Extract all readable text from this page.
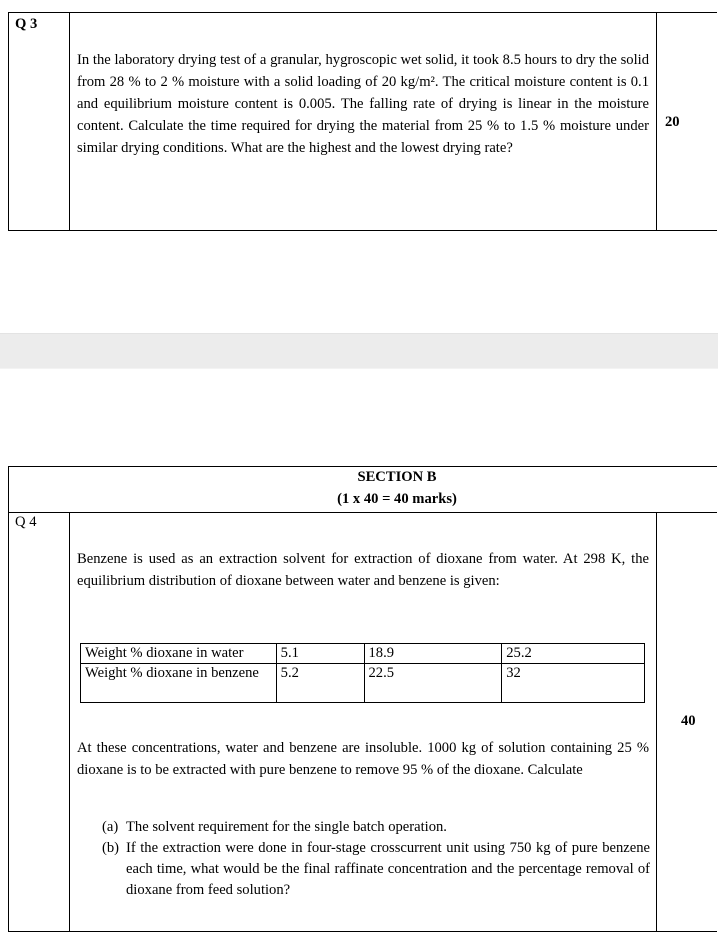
Q 3
In the laboratory drying test of a granular, hygroscopic wet solid, it took 8.5 hours to dry the solid from 28 % to 2 % moisture with a solid loading of 20 kg/m². The critical moisture content is 0.1 and equilibrium moisture content is 0.005. The falling rate of drying is linear in the moisture content. Calculate the time required for drying the material from 25 % to 1.5 % moisture under similar drying conditions. What are the highest and the lowest drying rate?
20
SECTION B
(1 x 40 = 40 marks)
Q 4
Benzene is used as an extraction solvent for extraction of dioxane from water. At 298 K, the equilibrium distribution of dioxane between water and benzene is given:
Weight % dioxane in water	5.1	18.9	25.2
Weight % dioxane in benzene	5.2	22.5	32
40
At these concentrations, water and benzene are insoluble. 1000 kg of solution containing 25 % dioxane is to be extracted with pure benzene to remove 95 % of the dioxane. Calculate
(a) The solvent requirement for the single batch operation.
(b) If the extraction were done in four-stage crosscurrent unit using 750 kg of pure benzene each time, what would be the final raffinate concentration and the percentage removal of dioxane from feed solution?
